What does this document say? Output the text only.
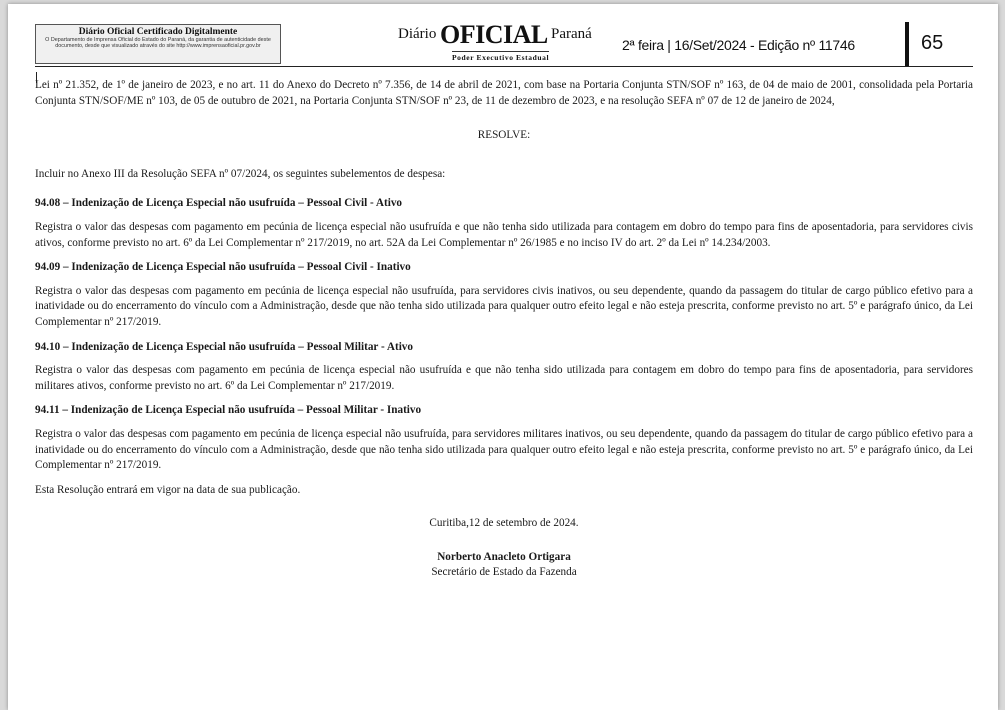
Diário Oficial Certificado Digitalmente
O Departamento de Imprensa Oficial do Estado do Paraná, da garantia de autenticidade deste documento, desde que visualizado através do site http://www.imprensaoficial.pr.gov.br
Diário OFICIAL Paraná
Poder Executivo Estadual
2ª feira | 16/Set/2024 - Edição nº 11746	65

Lei nº 21.352, de 1º de janeiro de 2023, e no art. 11 do Anexo do Decreto nº 7.356, de 14 de abril de 2021, com base na Portaria Conjunta STN/SOF nº 163, de 04 de maio de 2001, consolidada pela Portaria Conjunta STN/SOF/ME nº 103, de 05 de outubro de 2021, na Portaria Conjunta STN/SOF nº 23, de 11 de dezembro de 2023, e na resolução SEFA nº 07 de 12 de janeiro de 2024,

RESOLVE:

Incluir no Anexo III da Resolução SEFA nº 07/2024, os seguintes subelementos de despesa:

94.08 – Indenização de Licença Especial não usufruída – Pessoal Civil - Ativo

Registra o valor das despesas com pagamento em pecúnia de licença especial não usufruída e que não tenha sido utilizada para contagem em dobro do tempo para fins de aposentadoria, para servidores civis ativos, conforme previsto no art. 6º da Lei Complementar nº 217/2019, no art. 52A da Lei Complementar nº 26/1985 e no inciso IV do art. 2º da Lei nº 14.234/2003.

94.09 – Indenização de Licença Especial não usufruída – Pessoal Civil - Inativo

Registra o valor das despesas com pagamento em pecúnia de licença especial não usufruída, para servidores civis inativos, ou seu dependente, quando da passagem do titular de cargo público efetivo para a inatividade ou do encerramento do vínculo com a Administração, desde que não tenha sido utilizada para qualquer outro efeito legal e não esteja prescrita, conforme previsto no art. 5º e parágrafo único, da Lei Complementar nº 217/2019.

94.10 – Indenização de Licença Especial não usufruída – Pessoal Militar - Ativo

Registra o valor das despesas com pagamento em pecúnia de licença especial não usufruída e que não tenha sido utilizada para contagem em dobro do tempo para fins de aposentadoria, para servidores militares ativos, conforme previsto no art. 6º da Lei Complementar nº 217/2019.

94.11 – Indenização de Licença Especial não usufruída – Pessoal Militar - Inativo

Registra o valor das despesas com pagamento em pecúnia de licença especial não usufruída, para servidores militares inativos, ou seu dependente, quando da passagem do titular de cargo público efetivo para a inatividade ou do encerramento do vínculo com a Administração, desde que não tenha sido utilizada para qualquer outro efeito legal e não esteja prescrita, conforme previsto no art. 5º e parágrafo único, da Lei Complementar nº 217/2019.

Esta Resolução entrará em vigor na data de sua publicação.

Curitiba,12 de setembro de 2024.

Norberto Anacleto Ortigara

Secretário de Estado da Fazenda
